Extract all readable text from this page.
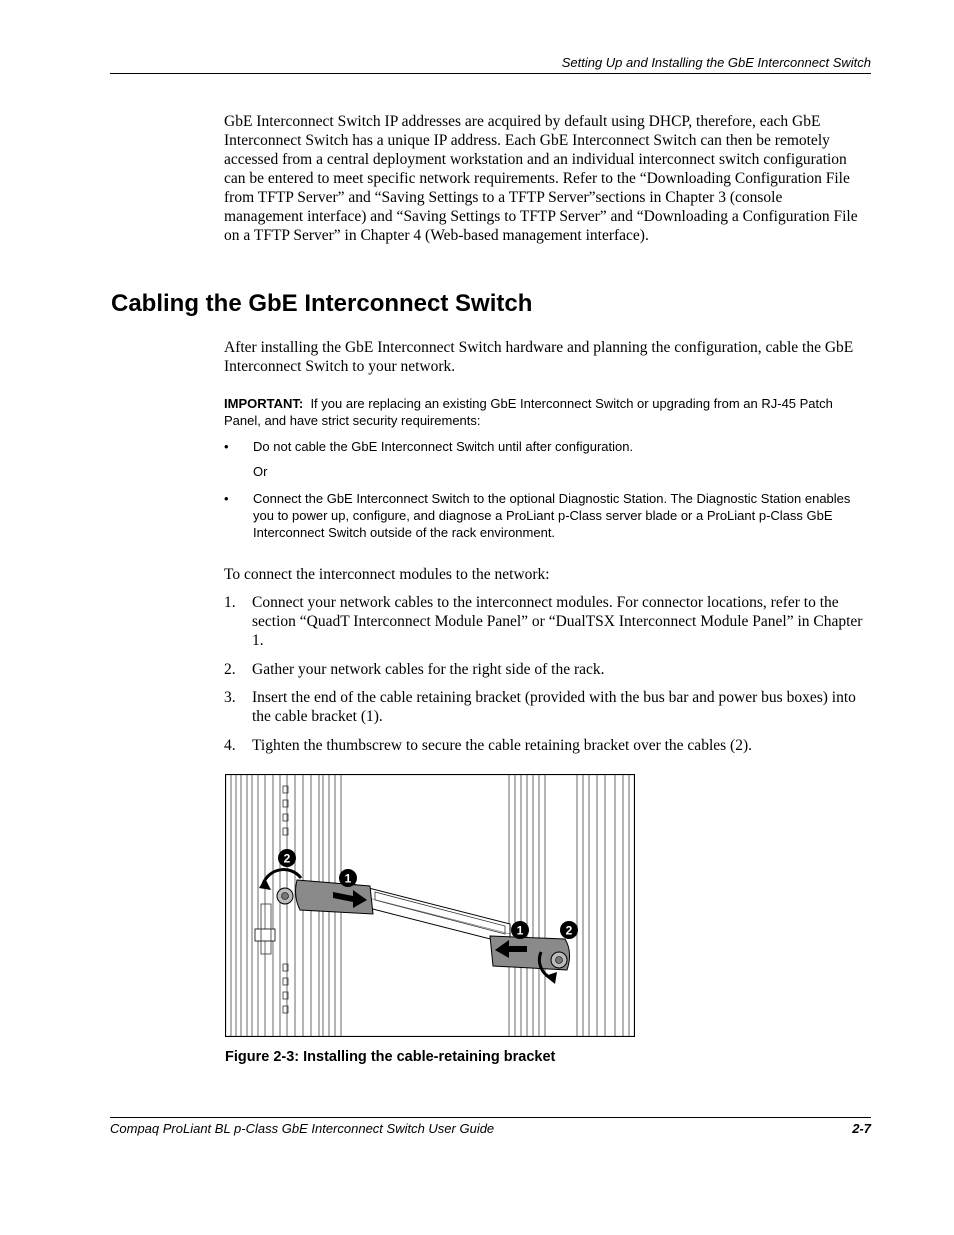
Setting Up and Installing the GbE Interconnect Switch
GbE Interconnect Switch IP addresses are acquired by default using DHCP, therefore, each GbE Interconnect Switch has a unique IP address. Each GbE Interconnect Switch can then be remotely accessed from a central deployment workstation and an individual interconnect switch configuration can be entered to meet specific network requirements. Refer to the “Downloading Configuration File from TFTP Server” and “Saving Settings to a TFTP Server”sections in Chapter 3 (console management interface) and “Saving Settings to TFTP Server” and “Downloading a Configuration File on a TFTP Server” in Chapter 4 (Web-based management interface).
Cabling the GbE Interconnect Switch
After installing the GbE Interconnect Switch hardware and planning the configuration, cable the GbE Interconnect Switch to your network.
IMPORTANT: If you are replacing an existing GbE Interconnect Switch or upgrading from an RJ-45 Patch Panel, and have strict security requirements:
•	Do not cable the GbE Interconnect Switch until after configuration.
Or
•	Connect the GbE Interconnect Switch to the optional Diagnostic Station. The Diagnostic Station enables you to power up, configure, and diagnose a ProLiant p-Class server blade or a ProLiant p-Class GbE Interconnect Switch outside of the rack environment.
To connect the interconnect modules to the network:
1.	Connect your network cables to the interconnect modules. For connector locations, refer to the section “QuadT Interconnect Module Panel” or “DualTSX Interconnect Module Panel” in Chapter 1.
2.	Gather your network cables for the right side of the rack.
3.	Insert the end of the cable retaining bracket (provided with the bus bar and power bus boxes) into the cable bracket (1).
4.	Tighten the thumbscrew to secure the cable retaining bracket over the cables (2).
2
1
1	2
Figure 2-3: Installing the cable-retaining bracket
Compaq ProLiant BL p-Class GbE Interconnect Switch User Guide	2-7
